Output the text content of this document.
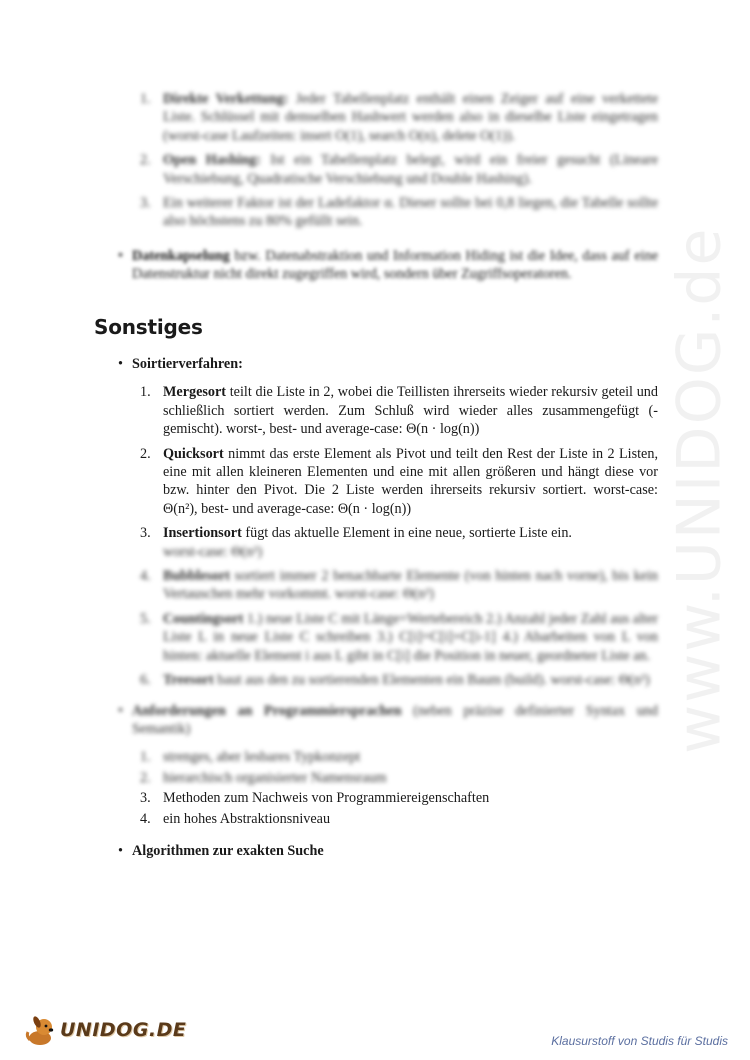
www.UNIDOG.de
1. Direkte Verkettung: Jeder Tabellenplatz enthält einen Zeiger auf eine verkettete Liste. Schlüssel mit demselben Hashwert werden also in dieselbe Liste eingetragen (worst-case Laufzeiten: insert O(1), search O(n), delete O(1)).
2. Open Hashing: Ist ein Tabellenplatz belegt, wird ein freier gesucht (Lineare Verschiebung, Quadratische Verschiebung und Double Hashing).
3. Ein weiterer Faktor ist der Ladefaktor α. Dieser sollte bei 0,8 liegen, die Tabelle sollte also höchstens zu 80% gefüllt sein.
• Datenkapselung bzw. Datenabstraktion und Information Hiding ist die Idee, dass auf eine Datenstruktur nicht direkt zugegriffen wird, sondern über Zugriffsoperatoren.
Sonstiges
• Soirtierverfahren:
1. Mergesort teilt die Liste in 2, wobei die Teillisten ihrerseits wieder rekursiv geteil und schließlich sortiert werden. Zum Schluß wird wieder alles zusammengefügt (-gemischt). worst-, best- und average-case: Θ(n · log(n))
2. Quicksort nimmt das erste Element als Pivot und teilt den Rest der Liste in 2 Listen, eine mit allen kleineren Elementen und eine mit allen größeren und hängt diese vor bzw. hinter den Pivot. Die 2 Liste werden ihrerseits rekursiv sortiert. worst-case: Θ(n²), best- und average-case: Θ(n · log(n))
3. Insertionsort fügt das aktuelle Element in eine neue, sortierte Liste ein.
worst-case: Θ(n²)
4. Bubblesort sortiert immer 2 benachbarte Elemente (von hinten nach vorne), bis kein Vertauschen mehr vorkommt. worst-case: Θ(n²)
5. Countingsort 1.) neue Liste C mit Länge=Wertebereich 2.) Anzahl jeder Zahl aus alter Liste L in neue Liste C schreiben 3.) C[i]=C[i]+C[i-1] 4.) Abarbeiten von L von hinten: aktuelle Element i aus L gibt in C[i] die Position in neuer, geordneter Liste an.
6. Treesort baut aus den zu sortierenden Elementen ein Baum (build). worst-case: Θ(n²)
• Anforderungen an Programmiersprachen (neben präzise definierter Syntax und Semantik)
1. strenges, aber lesbares Typkonzept
2. hierarchisch organisierter Namensraum
3. Methoden zum Nachweis von Programmiereigenschaften
4. ein hohes Abstraktionsniveau
• Algorithmen zur exakten Suche
UNIDOG.DE
Klausurstoff von Studis für Studis
